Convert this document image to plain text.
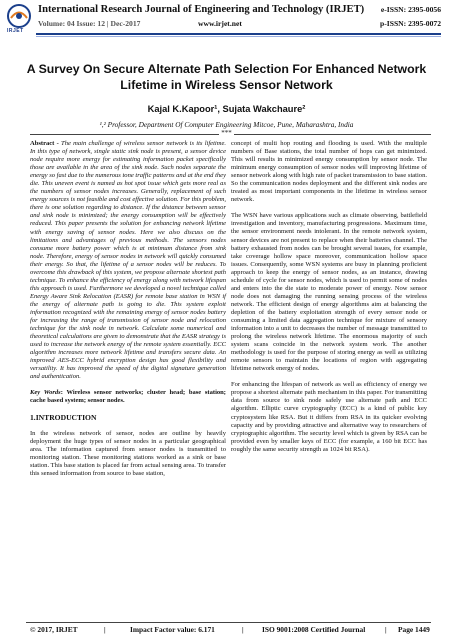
IRJET
International Research Journal of Engineering and Technology (IRJET) e-ISSN: 2395-0056
Volume: 04 Issue: 12 | Dec-2017	www.irjet.net	p-ISSN: 2395-0072
A Survey On Secure Alternate Path Selection For Enhanced Network Lifetime in Wireless Sensor Network
Kajal K.Kapoor¹, Sujata Wakchaure²
¹,² Professor, Department Of Computer Engineering Mitcoe, Pune, Maharashtra, India
***

Abstract - The main challenge of wireless sensor network is its lifetime. In this type of network, single static sink node is present, a sensor device node require more energy for estimating information packet specifically those are available in the area of the sink node. Such nodes separate the energy so fast due to the numerous tone traffic patterns and at the end they die. This uneven event is named as hot spot issue which gets more real as the numbers of sensor nodes increases. Generally, replacement of such energy sources is not feasible and cost effective solution. For this problem, there is one solution regarding to distance. If the distance between sensor and sink node is minimized; the energy consumption will be effectively reduced. This paper presents the solution for enhancing network lifetime with energy saving of sensor nodes. Here we also discuss on the limitations and advantages of previous methods. The sensors nodes consume more battery power which is at minimum distance from sink node. Therefore, energy of sensor nodes in network will quickly consumed their energy. So that, the lifetime of a sensor nodes will be reduces. To overcome this drawback of this system, we propose alternate shortest path technique. To enhance the efficiency of energy along with network lifespan this approach is used. Furthermore we developed a novel technique called Energy Aware Sink Relocation (EASR) for remote base station in WSN if the energy of alternate path is going to die. This system exploit information recognized with the remaining energy of sensor nodes battery for increasing the range of transmission of sensor node and relocation technique for the sink node in network. Calculate some numerical and theoretical calculations are given to demonstrate that the EASR strategy is used to increase the network energy of the remote system essentially. ECC algorithm increases more network lifetime and transfers secure data. An improved AES-ECC hybrid encryption design has good flexibility and versatility. It has improved the speed of the digital signature generation and authentication.

Key Words: Wireless sensor networks; cluster head; base station; cache based system; sensor nodes.

1.INTRODUCTION

In the wireless network of sensor, nodes are outline by heavily deployment the huge types of sensor nodes in a particular geographical area. The information captured from sensor nodes is transmitted to monitoring station. These monitoring stations worked as a sink or base station. This base station is placed far from actual sensing area. To transfer this sensed information from source to base station,

concept of multi hop routing and flooding is used. With the multiple numbers of Base stations, the total number of hops can get minimized. This will results in minimized energy consumption by sensor node. The minimum energy consumption of sensor nodes will improving lifetime of sensor network along with high rate of packet transmission to base station. So the communication nodes deployment and the different sink nodes are treated as most important components in the lifetime in wireless sensor network.

The WSN have various applications such as climate observing, battlefield investigation and inventory, manufacturing progressions. Maximum time, the sensor environment needs intolerant. In the remote network system, sensor devices are not present to replace when their batteries channel. The battery exhausted from nodes can be brought several issues, for example, take coverage hollow space moreover, communication hollow space issues. Consequently, some WSN systems are busy in planning proficient approach to keep the energy of sensor nodes, as an instance, drawing schedule of cycle for sensor nodes, which is used to permit some of nodes and enters into the die state to moderate power of energy. Now sensor node does not damaging the running sensing process of the wireless network. The efficient design of energy algorithms aim at balancing the depletion of the battery exploitation strength of every sensor node or consuming a limited data aggregation technique for mixture of sensory information into a unit to decreases the number of message transmitted to prolong the wireless network lifetime. The enormous majority of such system scans coincide in the network system work. The another methodology is used for the purpose of storing energy as well as utilizing remote sensors to maintain the locations of region with aggregating lifetime network energy of nodes.

For enhancing the lifespan of network as well as efficiency of energy we propose a shortest alternate path mechanism in this paper. For transmitting data from source to sink node safely use alternate path and ECC algorithm. Elliptic curve cryptography (ECC) is a kind of public key cryptosystem like RSA. But it differs from RSA in its quicker evolving capacity and by providing attractive and alternative way to researchers of cryptographic algorithm. The security level which is given by RSA can be provided even by smaller keys of ECC (for example, a 160 bit ECC has roughly the same security strength as 1024 bit RSA).

© 2017, IRJET	|	Impact Factor value: 6.171	| ISO 9001:2008 Certified Journal	| Page 1449
